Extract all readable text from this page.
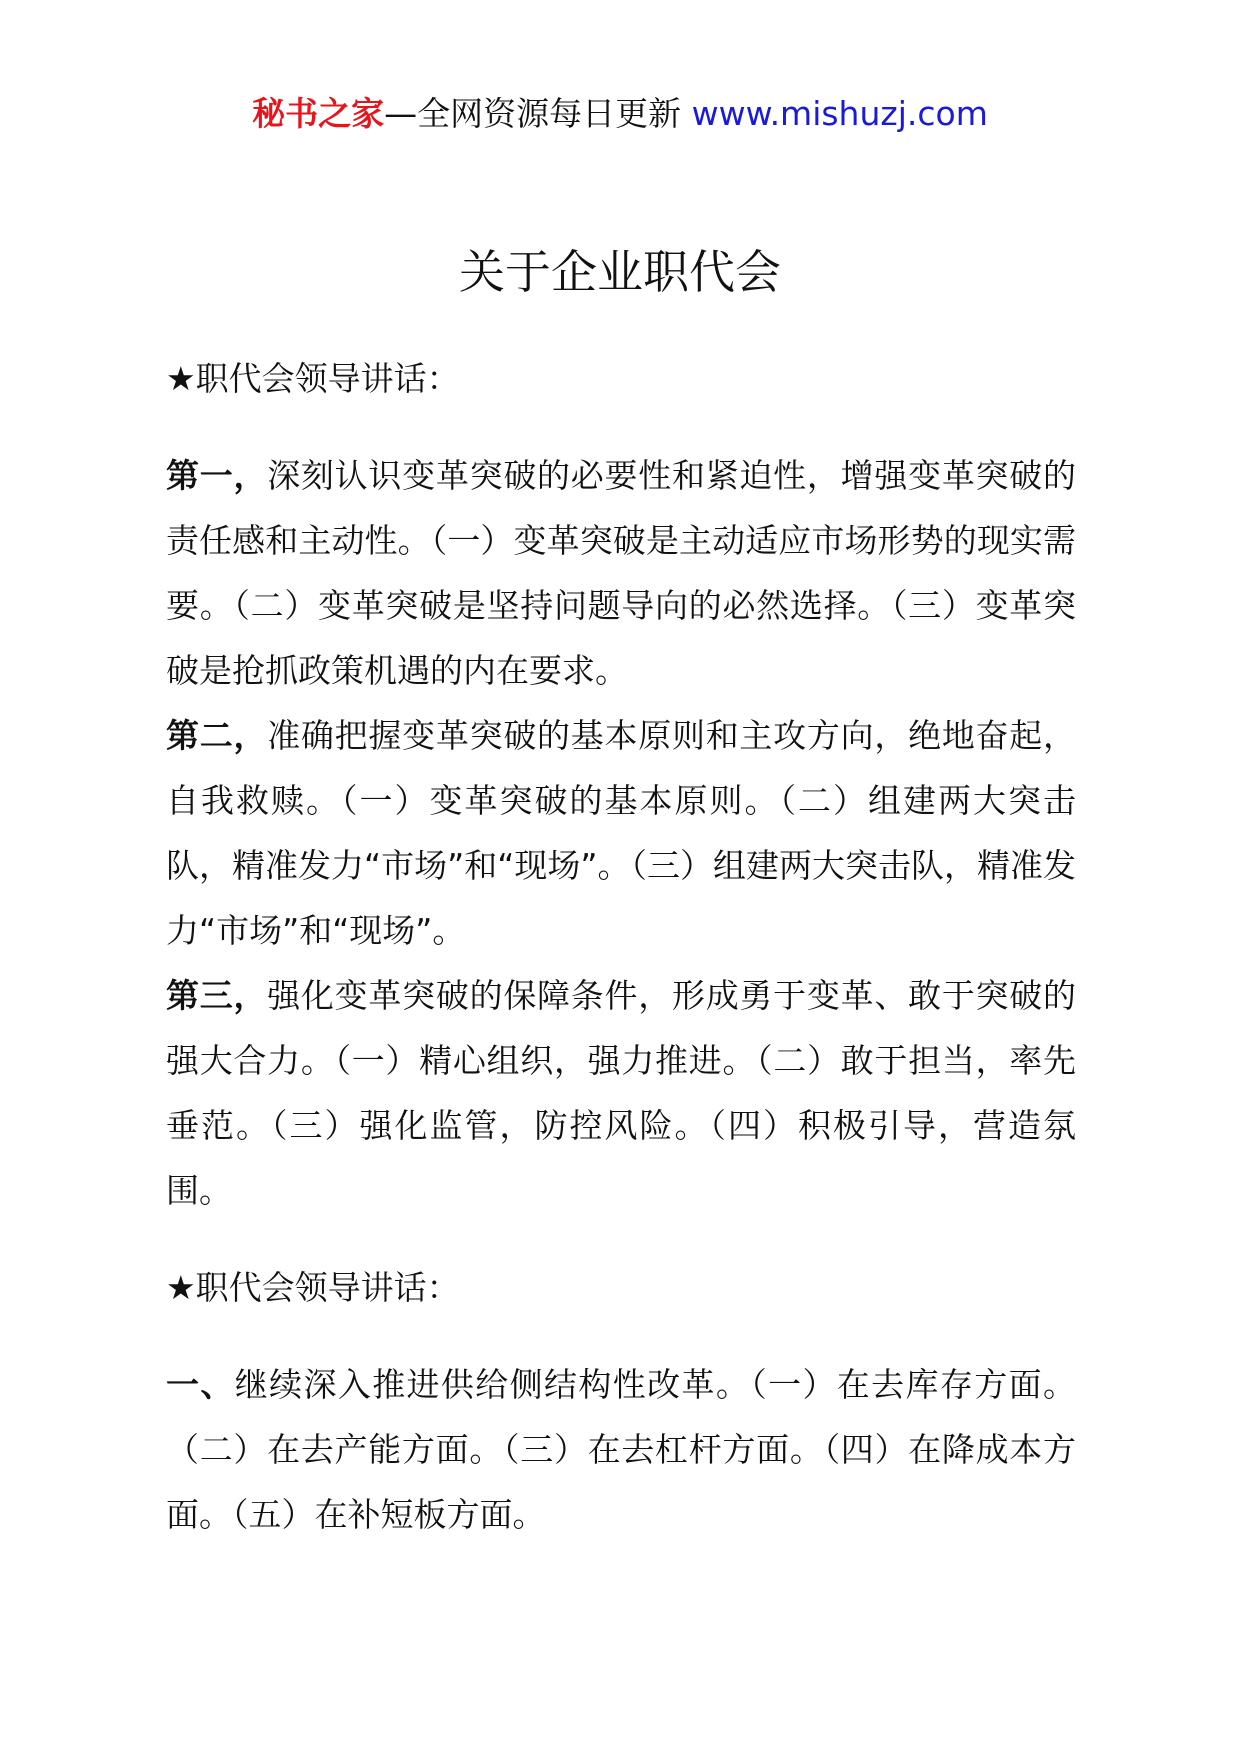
秘书之家—全网资源每日更新 www.mishuzj.com
关于企业职代会

★职代会领导讲话：

第一，深刻认识变革突破的必要性和紧迫性，增强变革突破的责任感和主动性。（一）变革突破是主动适应市场形势的现实需要。（二）变革突破是坚持问题导向的必然选择。（三）变革突破是抢抓政策机遇的内在要求。

第二，准确把握变革突破的基本原则和主攻方向，绝地奋起，自我救赎。（一）变革突破的基本原则。（二）组建两大突击队，精准发力“市场”和“现场”。（三）组建两大突击队，精准发力“市场”和“现场”。

第三，强化变革突破的保障条件，形成勇于变革、敢于突破的强大合力。（一）精心组织，强力推进。（二）敢于担当，率先垂范。（三）强化监管，防控风险。（四）积极引导，营造氛围。

★职代会领导讲话：

一、继续深入推进供给侧结构性改革。（一）在去库存方面。（二）在去产能方面。（三）在去杠杆方面。（四）在降成本方面。（五）在补短板方面。
